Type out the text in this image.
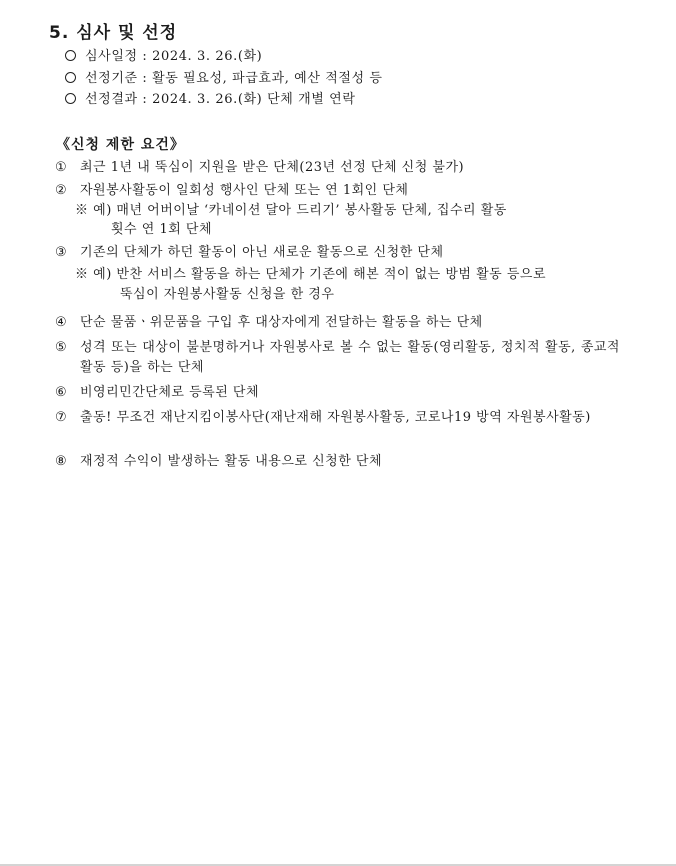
5. 심사 및 선정
심사일정 : 2024. 3. 26.(화)
선정기준 : 활동 필요성, 파급효과, 예산 적절성 등
선정결과 : 2024. 3. 26.(화) 단체 개별 연락
《신청 제한 요건》
① 최근 1년 내 뚝심이 지원을 받은 단체(23년 선정 단체 신청 불가)
② 자원봉사활동이 일회성 행사인 단체 또는 연 1회인 단체
※ 예) 매년 어버이날 ‘카네이션 달아 드리기’ 봉사활동 단체, 집수리 활동
횟수 연 1회 단체
③ 기존의 단체가 하던 활동이 아닌 새로운 활동으로 신청한 단체
※ 예) 반찬 서비스 활동을 하는 단체가 기존에 해본 적이 없는 방범 활동 등으로
뚝심이 자원봉사활동 신청을 한 경우
④ 단순 물품ㆍ위문품을 구입 후 대상자에게 전달하는 활동을 하는 단체
⑤ 성격 또는 대상이 불분명하거나 자원봉사로 볼 수 없는 활동(영리활동, 정치적 활동, 종교적 활동 등)을 하는 단체
⑥ 비영리민간단체로 등록된 단체
⑦ 출동! 무조건 재난지킴이봉사단(재난재해 자원봉사활동, 코로나19 방역 자원봉사활동)
⑧ 재정적 수익이 발생하는 활동 내용으로 신청한 단체
